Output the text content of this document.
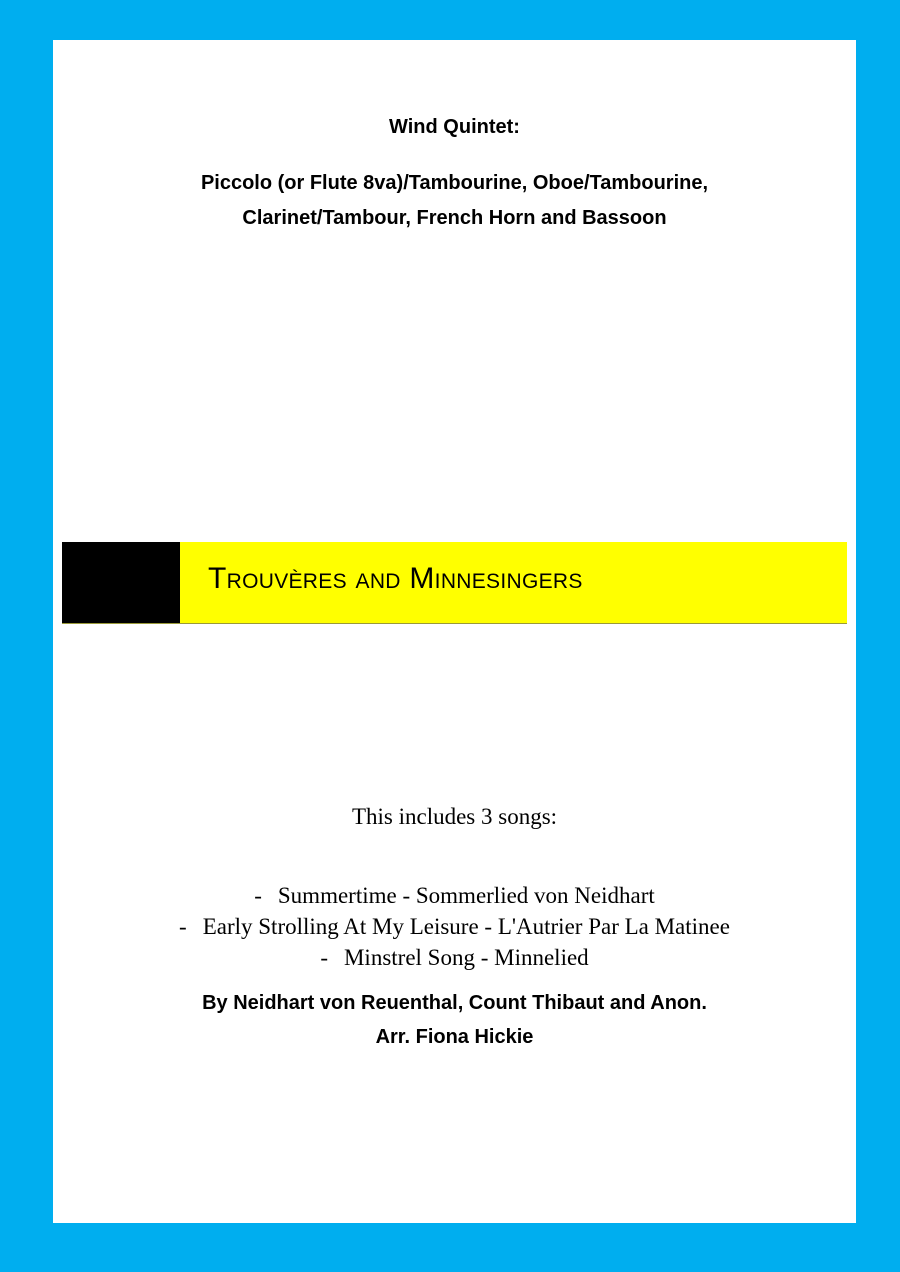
Wind Quintet:

Piccolo (or Flute 8va)/Tambourine, Oboe/Tambourine,
Clarinet/Tambour, French Horn and Bassoon
Trouvères and Minnesingers

This includes 3 songs:

- Summertime - Sommerlied von Neidhart
- Early Strolling At My Leisure - L'Autrier Par La Matinee
- Minstrel Song - Minnelied

By Neidhart von Reuenthal, Count Thibaut and Anon.

Arr. Fiona Hickie
